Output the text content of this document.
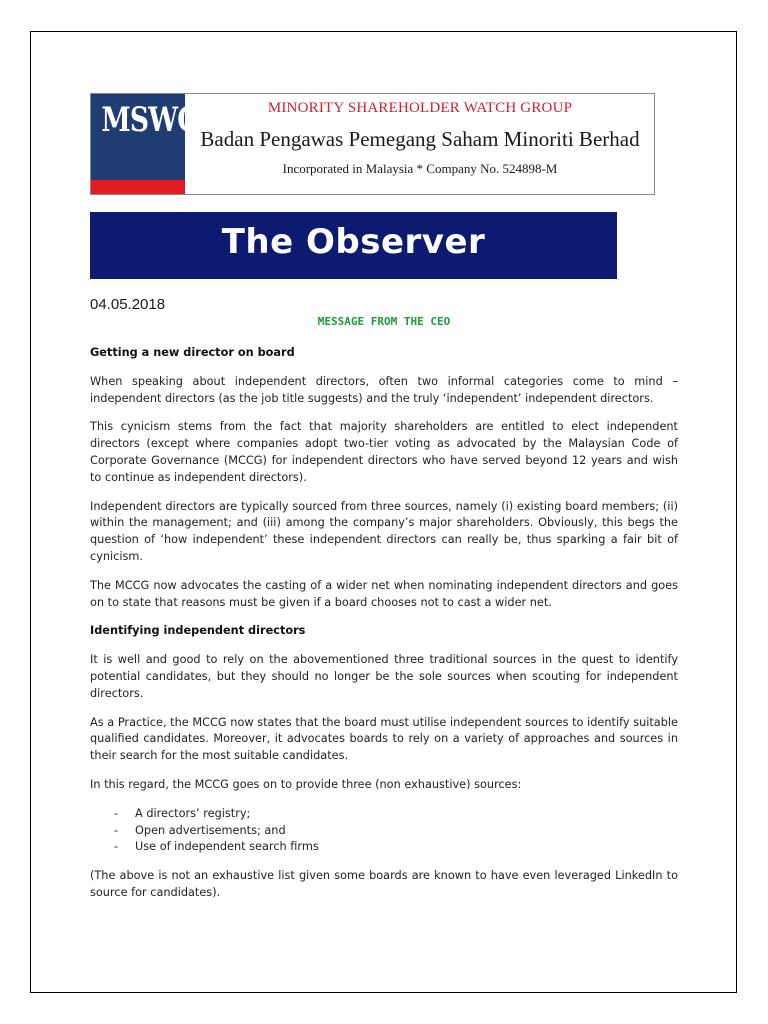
MSWG	MINORITY SHAREHOLDER WATCH GROUP
Badan Pengawas Pemegang Saham Minoriti Berhad
Incorporated in Malaysia * Company No. 524898-M
The Observer
04.05.2018
MESSAGE FROM THE CEO
Getting a new director on board

When speaking about independent directors, often two informal categories come to mind – independent directors (as the job title suggests) and the truly ‘independent’ independent directors.

This cynicism stems from the fact that majority shareholders are entitled to elect independent directors (except where companies adopt two-tier voting as advocated by the Malaysian Code of Corporate Governance (MCCG) for independent directors who have served beyond 12 years and wish to continue as independent directors).

Independent directors are typically sourced from three sources, namely (i) existing board members; (ii) within the management; and (iii) among the company’s major shareholders. Obviously, this begs the question of ‘how independent’ these independent directors can really be, thus sparking a fair bit of cynicism.

The MCCG now advocates the casting of a wider net when nominating independent directors and goes on to state that reasons must be given if a board chooses not to cast a wider net.

Identifying independent directors

It is well and good to rely on the abovementioned three traditional sources in the quest to identify potential candidates, but they should no longer be the sole sources when scouting for independent directors.

As a Practice, the MCCG now states that the board must utilise independent sources to identify suitable qualified candidates. Moreover, it advocates boards to rely on a variety of approaches and sources in their search for the most suitable candidates.

In this regard, the MCCG goes on to provide three (non exhaustive) sources:

- A directors’ registry;
- Open advertisements; and
- Use of independent search firms

(The above is not an exhaustive list given some boards are known to have even leveraged LinkedIn to source for candidates).
